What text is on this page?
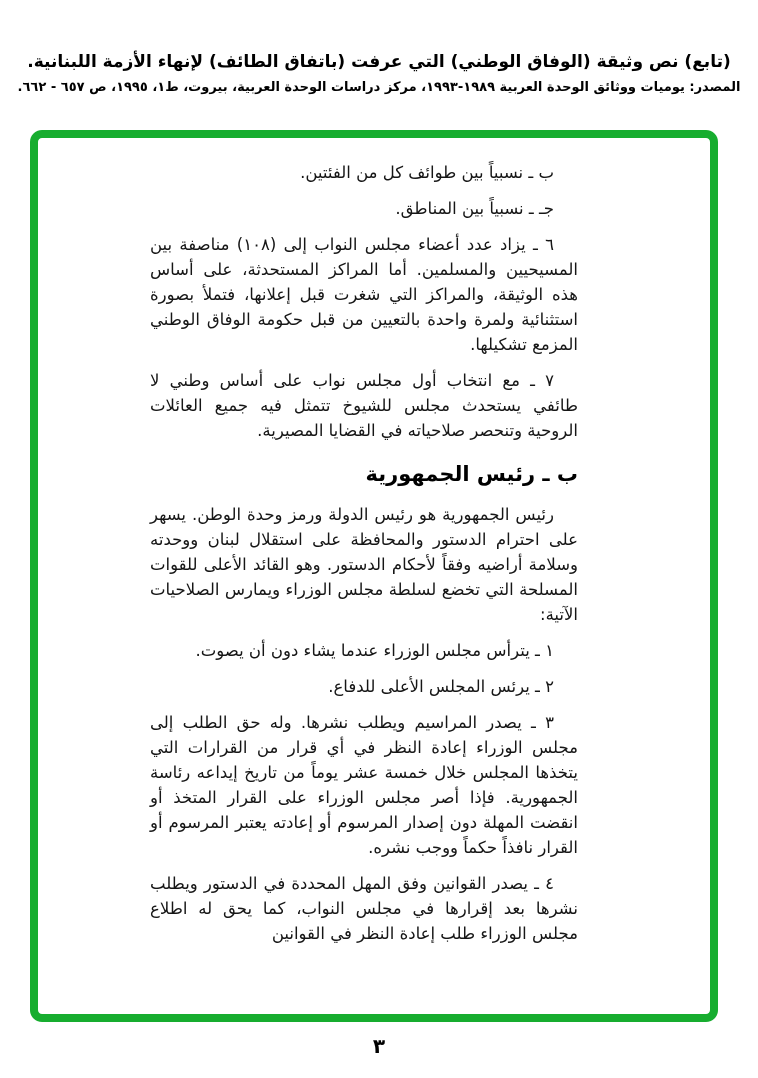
(تابع) نص وثيقة (الوفاق الوطني) التي عرفت (باتفاق الطائف) لإنهاء الأزمة اللبنانية.
المصدر: يوميات ووثائق الوحدة العربية ١٩٨٩-١٩٩٣، مركز دراسات الوحدة العربية، بيروت، ط١، ١٩٩٥، ص ٦٥٧ - ٦٦٢.

ب ـ نسبياً بين طوائف كل من الفئتين.

جـ ـ نسبياً بين المناطق.

٦ ـ يزاد عدد أعضاء مجلس النواب إلى (١٠٨) مناصفة بين المسيحيين والمسلمين. أما المراكز المستحدثة، على أساس هذه الوثيقة، والمراكز التي شغرت قبل إعلانها، فتملأ بصورة استثنائية ولمرة واحدة بالتعيين من قبل حكومة الوفاق الوطني المزمع تشكيلها.

٧ ـ مع انتخاب أول مجلس نواب على أساس وطني لا طائفي يستحدث مجلس للشيوخ تتمثل فيه جميع العائلات الروحية وتنحصر صلاحياته في القضايا المصيرية.

ب ـ رئيس الجمهورية

رئيس الجمهورية هو رئيس الدولة ورمز وحدة الوطن. يسهر على احترام الدستور والمحافظة على استقلال لبنان ووحدته وسلامة أراضيه وفقاً لأحكام الدستور. وهو القائد الأعلى للقوات المسلحة التي تخضع لسلطة مجلس الوزراء ويمارس الصلاحيات الآتية:

١ ـ يترأس مجلس الوزراء عندما يشاء دون أن يصوت.

٢ ـ يرئس المجلس الأعلى للدفاع.

٣ ـ يصدر المراسيم ويطلب نشرها. وله حق الطلب إلى مجلس الوزراء إعادة النظر في أي قرار من القرارات التي يتخذها المجلس خلال خمسة عشر يوماً من تاريخ إيداعه رئاسة الجمهورية. فإذا أصر مجلس الوزراء على القرار المتخذ أو انقضت المهلة دون إصدار المرسوم أو إعادته يعتبر المرسوم أو القرار نافذاً حكماً ووجب نشره.

٤ ـ يصدر القوانين وفق المهل المحددة في الدستور ويطلب نشرها بعد إقرارها في مجلس النواب، كما يحق له اطلاع مجلس الوزراء طلب إعادة النظر في القوانين

٣
